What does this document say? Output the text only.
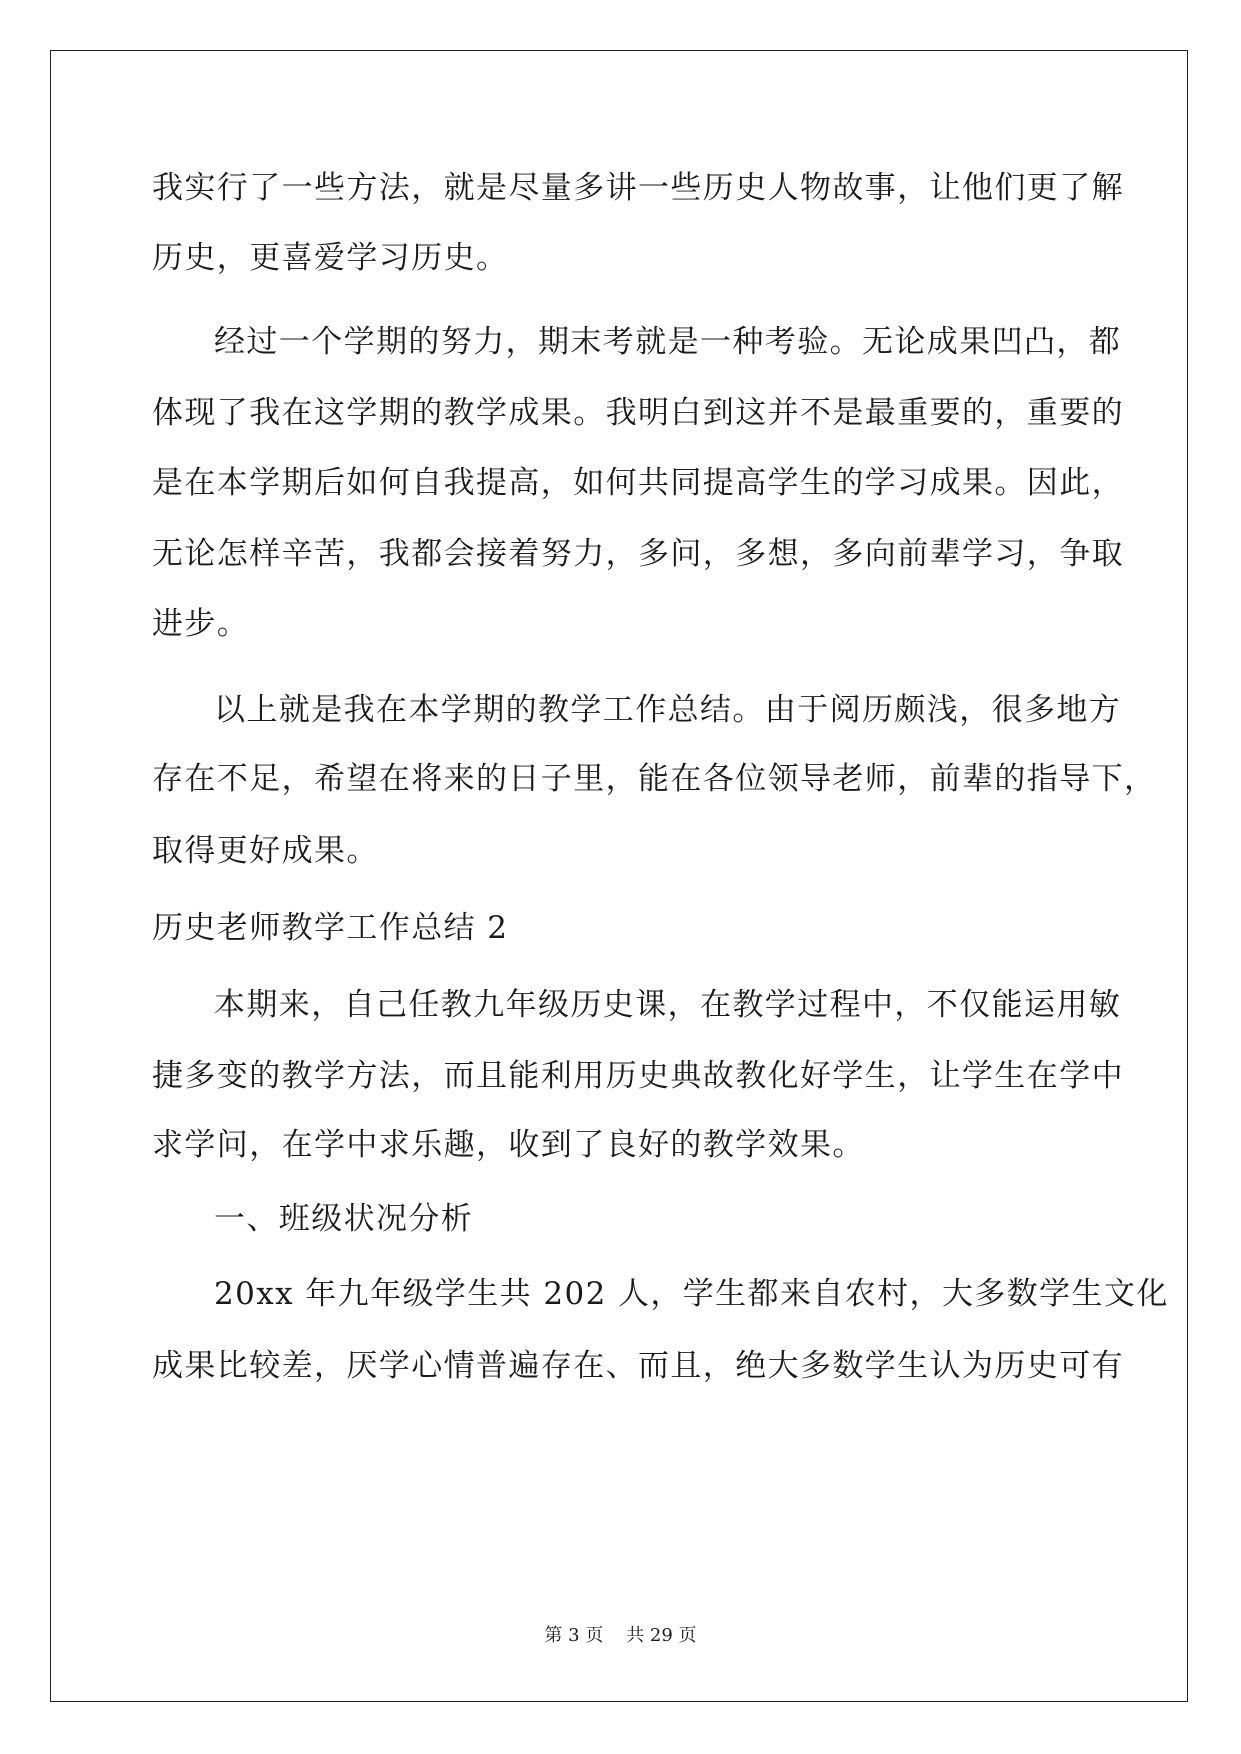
我实行了一些方法，就是尽量多讲一些历史人物故事，让他们更了解
历史，更喜爱学习历史。
经过一个学期的努力，期末考就是一种考验。无论成果凹凸，都
体现了我在这学期的教学成果。我明白到这并不是最重要的，重要的
是在本学期后如何自我提高，如何共同提高学生的学习成果。因此，
无论怎样辛苦，我都会接着努力，多问，多想，多向前辈学习，争取
进步。
以上就是我在本学期的教学工作总结。由于阅历颇浅，很多地方
存在不足，希望在将来的日子里，能在各位领导老师，前辈的指导下，
取得更好成果。
历史老师教学工作总结 2
本期来，自己任教九年级历史课，在教学过程中，不仅能运用敏
捷多变的教学方法，而且能利用历史典故教化好学生，让学生在学中
求学问，在学中求乐趣，收到了良好的教学效果。
一、班级状况分析
20xx 年九年级学生共 202 人，学生都来自农村，大多数学生文化
成果比较差，厌学心情普遍存在、而且，绝大多数学生认为历史可有
第 3 页    共 29 页
